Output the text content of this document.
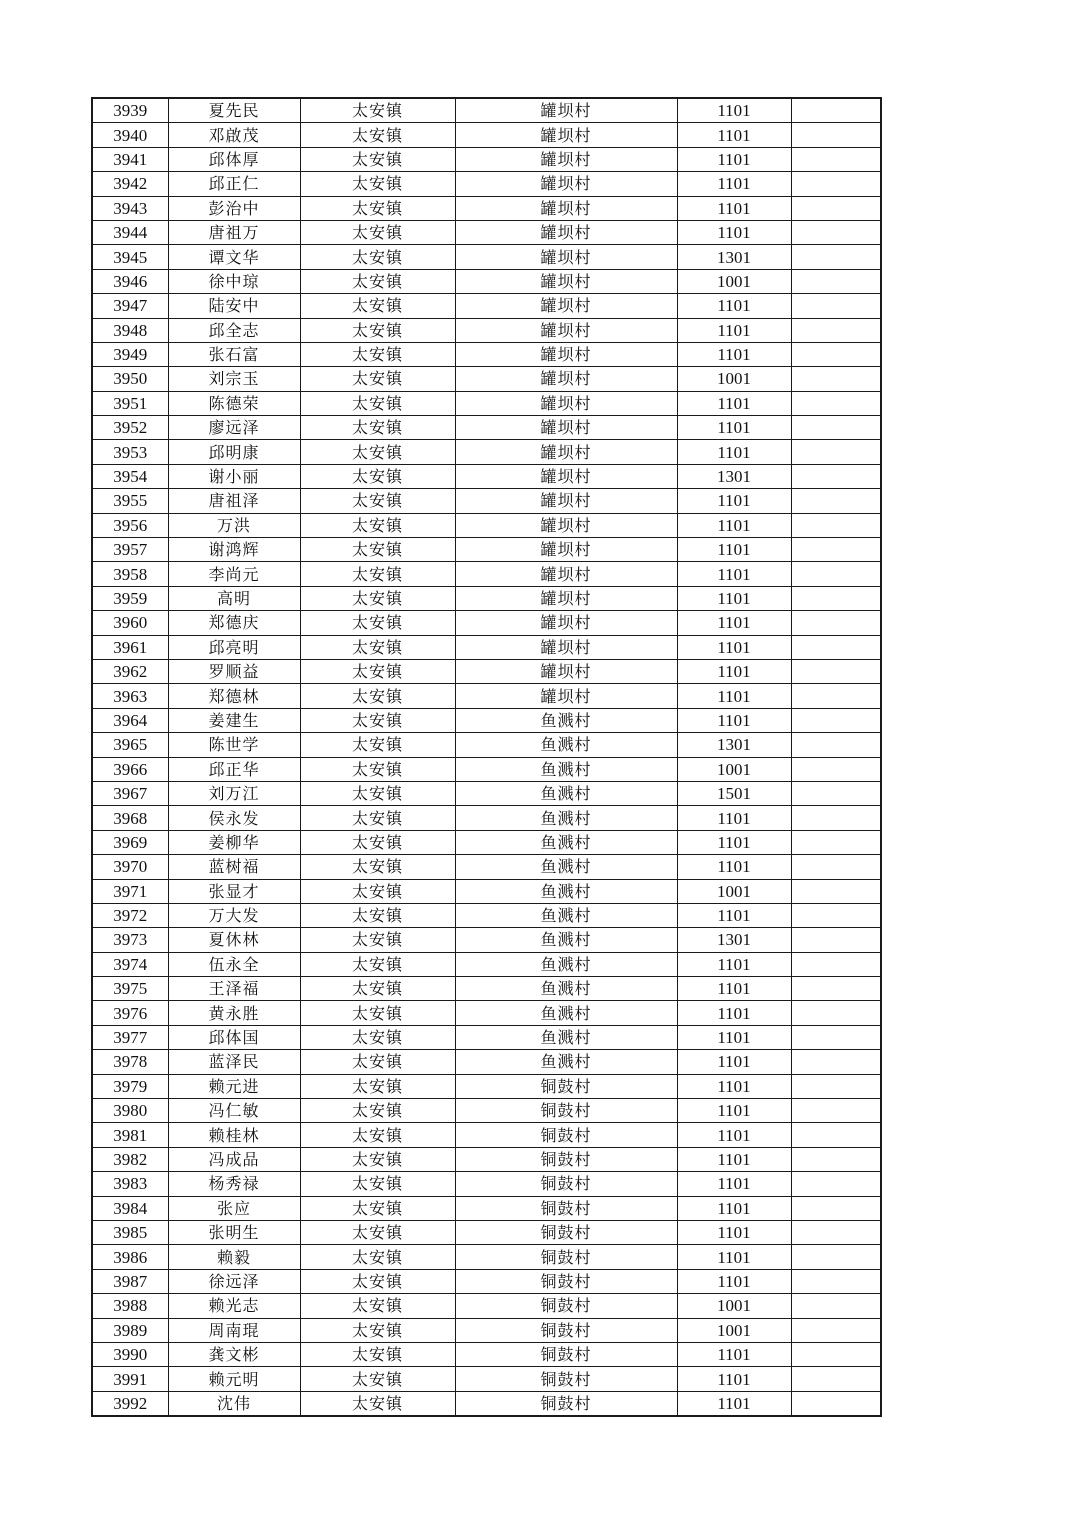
3939	夏先民	太安镇	罐坝村	1101	
3940	邓啟茂	太安镇	罐坝村	1101	
3941	邱体厚	太安镇	罐坝村	1101	
3942	邱正仁	太安镇	罐坝村	1101	
3943	彭治中	太安镇	罐坝村	1101	
3944	唐祖万	太安镇	罐坝村	1101	
3945	谭文华	太安镇	罐坝村	1301	
3946	徐中琼	太安镇	罐坝村	1001	
3947	陆安中	太安镇	罐坝村	1101	
3948	邱全志	太安镇	罐坝村	1101	
3949	张石富	太安镇	罐坝村	1101	
3950	刘宗玉	太安镇	罐坝村	1001	
3951	陈德荣	太安镇	罐坝村	1101	
3952	廖远泽	太安镇	罐坝村	1101	
3953	邱明康	太安镇	罐坝村	1101	
3954	谢小丽	太安镇	罐坝村	1301	
3955	唐祖泽	太安镇	罐坝村	1101	
3956	万洪	太安镇	罐坝村	1101	
3957	谢鸿辉	太安镇	罐坝村	1101	
3958	李尚元	太安镇	罐坝村	1101	
3959	高明	太安镇	罐坝村	1101	
3960	郑德庆	太安镇	罐坝村	1101	
3961	邱亮明	太安镇	罐坝村	1101	
3962	罗顺益	太安镇	罐坝村	1101	
3963	郑德林	太安镇	罐坝村	1101	
3964	姜建生	太安镇	鱼溅村	1101	
3965	陈世学	太安镇	鱼溅村	1301	
3966	邱正华	太安镇	鱼溅村	1001	
3967	刘万江	太安镇	鱼溅村	1501	
3968	侯永发	太安镇	鱼溅村	1101	
3969	姜柳华	太安镇	鱼溅村	1101	
3970	蓝树福	太安镇	鱼溅村	1101	
3971	张显才	太安镇	鱼溅村	1001	
3972	万大发	太安镇	鱼溅村	1101	
3973	夏休林	太安镇	鱼溅村	1301	
3974	伍永全	太安镇	鱼溅村	1101	
3975	王泽福	太安镇	鱼溅村	1101	
3976	黄永胜	太安镇	鱼溅村	1101	
3977	邱体国	太安镇	鱼溅村	1101	
3978	蓝泽民	太安镇	鱼溅村	1101	
3979	赖元进	太安镇	铜鼓村	1101	
3980	冯仁敏	太安镇	铜鼓村	1101	
3981	赖桂林	太安镇	铜鼓村	1101	
3982	冯成品	太安镇	铜鼓村	1101	
3983	杨秀禄	太安镇	铜鼓村	1101	
3984	张应	太安镇	铜鼓村	1101	
3985	张明生	太安镇	铜鼓村	1101	
3986	赖毅	太安镇	铜鼓村	1101	
3987	徐远泽	太安镇	铜鼓村	1101	
3988	赖光志	太安镇	铜鼓村	1001	
3989	周南琨	太安镇	铜鼓村	1001	
3990	龚文彬	太安镇	铜鼓村	1101	
3991	赖元明	太安镇	铜鼓村	1101	
3992	沈伟	太安镇	铜鼓村	1101	
